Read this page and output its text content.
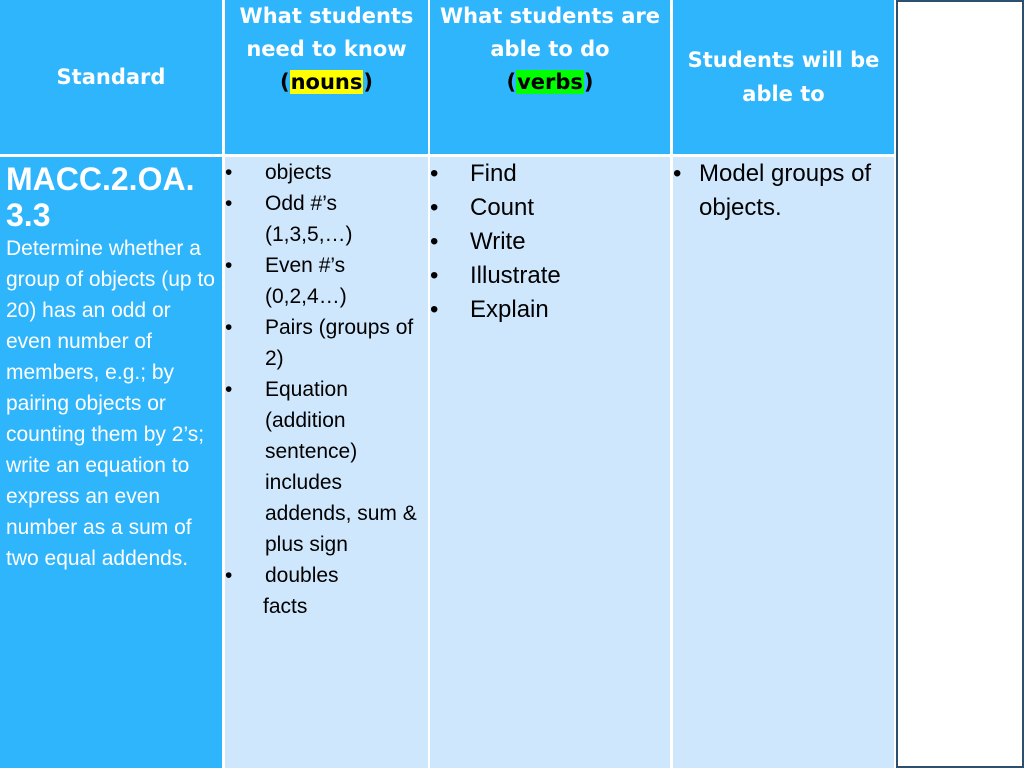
Standard
What students
need to know
(nouns)
What students are
able to do
(verbs)
Students will be
able to
MACC.2.OA.3.3
Determine whether a group of objects (up to 20) has an odd or even number of members, e.g.; by pairing objects or counting them by 2’s; write an equation to express an even number as a sum of two equal addends.
• objects
• Odd #’s (1,3,5,…)
• Even #’s (0,2,4…)
• Pairs (groups of 2)
• Equation (addition sentence) includes addends, sum & plus sign
• doubles
facts
• Find
• Count
• Write
• Illustrate
• Explain
• Model groups of objects.
